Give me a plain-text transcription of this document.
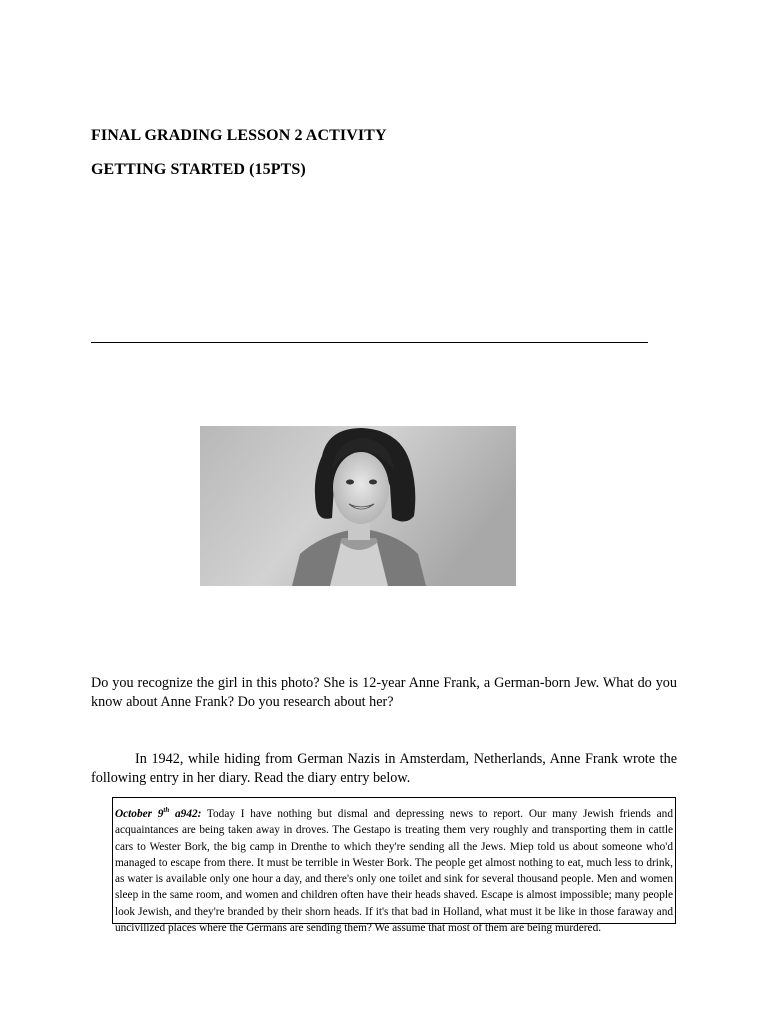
FINAL GRADING LESSON 2 ACTIVITY
GETTING STARTED (15PTS)
Do you recognize the girl in this photo? She is 12-year Anne Frank, a German-born Jew. What do you know about Anne Frank? Do you research about her?
In 1942, while hiding from German Nazis in Amsterdam, Netherlands, Anne Frank wrote the following entry in her diary. Read the diary entry below.
October 9th a942: Today I have nothing but dismal and depressing news to report. Our many Jewish friends and acquaintances are being taken away in droves. The Gestapo is treating them very roughly and transporting them in cattle cars to Wester Bork, the big camp in Drenthe to which they're sending all the Jews. Miep told us about someone who'd managed to escape from there. It must be terrible in Wester Bork. The people get almost nothing to eat, much less to drink, as water is available only one hour a day, and there's only one toilet and sink for several thousand people. Men and women sleep in the same room, and women and children often have their heads shaved. Escape is almost impossible; many people look Jewish, and they're branded by their shorn heads. If it's that bad in Holland, what must it be like in those faraway and uncivilized places where the Germans are sending them? We assume that most of them are being murdered.
